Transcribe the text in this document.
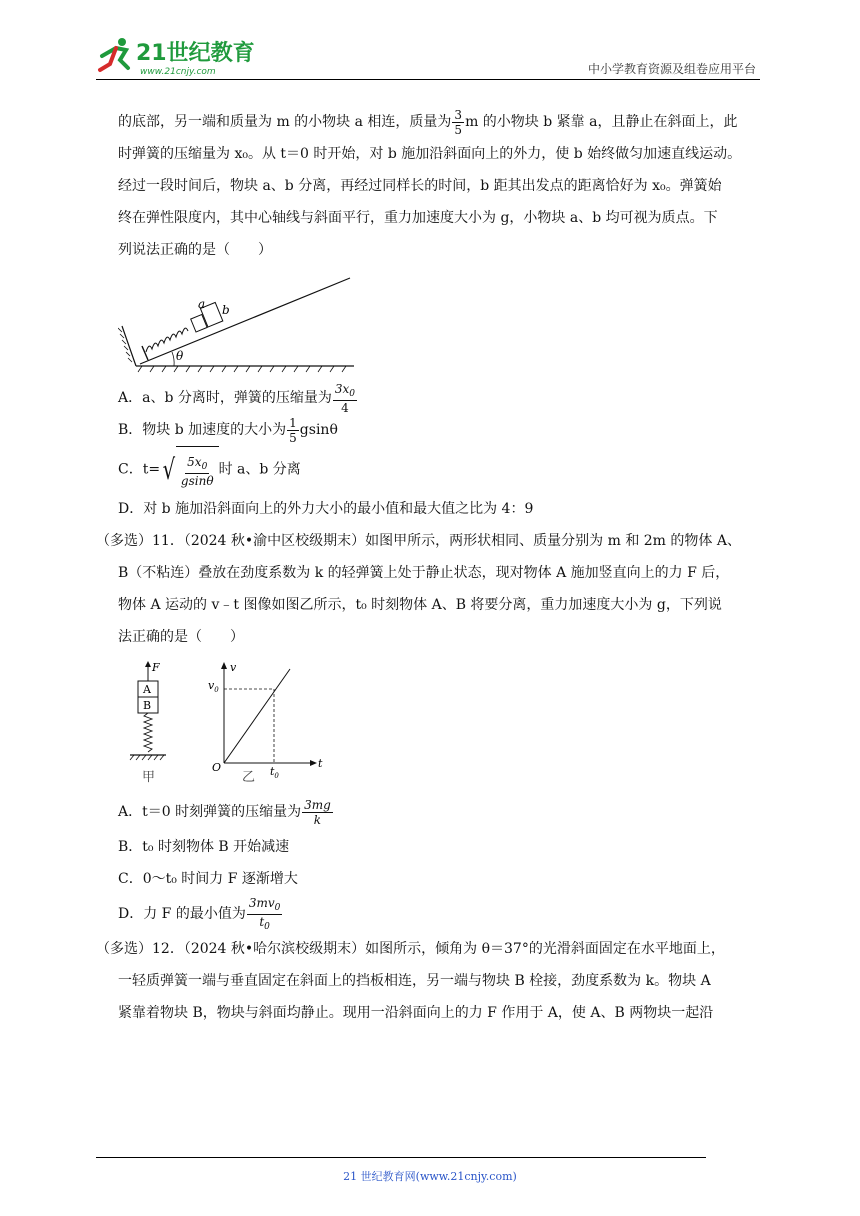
21世纪教育
www.21cnjy.com	中小学教育资源及组卷应用平台

的底部，另一端和质量为 m 的小物块 a 相连，质量为 $\frac{3}{5}$ m 的小物块 b 紧靠 a，且静止在斜面上，此

时弹簧的压缩量为 x₀。从 t＝0 时开始，对 b 施加沿斜面向上的外力，使 b 始终做匀加速直线运动。

经过一段时间后，物块 a、b 分离，再经过同样长的时间，b 距其出发点的距离恰好为 x₀。弹簧始

终在弹性限度内，其中心轴线与斜面平行，重力加速度大小为 g，小物块 a、b 均可视为质点。下

列说法正确的是（　　）

a b
θ

A．a、b 分离时，弹簧的压缩量为 $\frac{3x_0}{4}$

B．物块 b 加速度的大小为 $\frac{1}{5}$ gsinθ

C．t= √ $\frac{5x_0}{gsin\theta}$ 时 a、b 分离

D．对 b 施加沿斜面向上的外力大小的最小值和最大值之比为 4：9

（多选）11．（2024 秋•渝中区校级期末）如图甲所示，两形状相同、质量分别为 m 和 2m 的物体 A、

B（不粘连）叠放在劲度系数为 k 的轻弹簧上处于静止状态，现对物体 A 施加竖直向上的力 F 后，

物体 A 运动的 v﹣t 图像如图乙所示，t₀ 时刻物体 A、B 将要分离，重力加速度大小为 g，下列说

法正确的是（　　）

F
A
B
甲
v
t
O
$v_0$
$t_0$
乙

A．t＝0 时刻弹簧的压缩量为 $\frac{3mg}{k}$

B．t₀ 时刻物体 B 开始减速

C．0～t₀ 时间力 F 逐渐增大

D．力 F 的最小值为 $\frac{3mv_0}{t_0}$

（多选）12．（2024 秋•哈尔滨校级期末）如图所示，倾角为 θ＝37°的光滑斜面固定在水平地面上，

一轻质弹簧一端与垂直固定在斜面上的挡板相连，另一端与物块 B 栓接，劲度系数为 k。物块 A

紧靠着物块 B，物块与斜面均静止。现用一沿斜面向上的力 F 作用于 A，使 A、B 两物块一起沿

21 世纪教育网(www.21cnjy.com)
